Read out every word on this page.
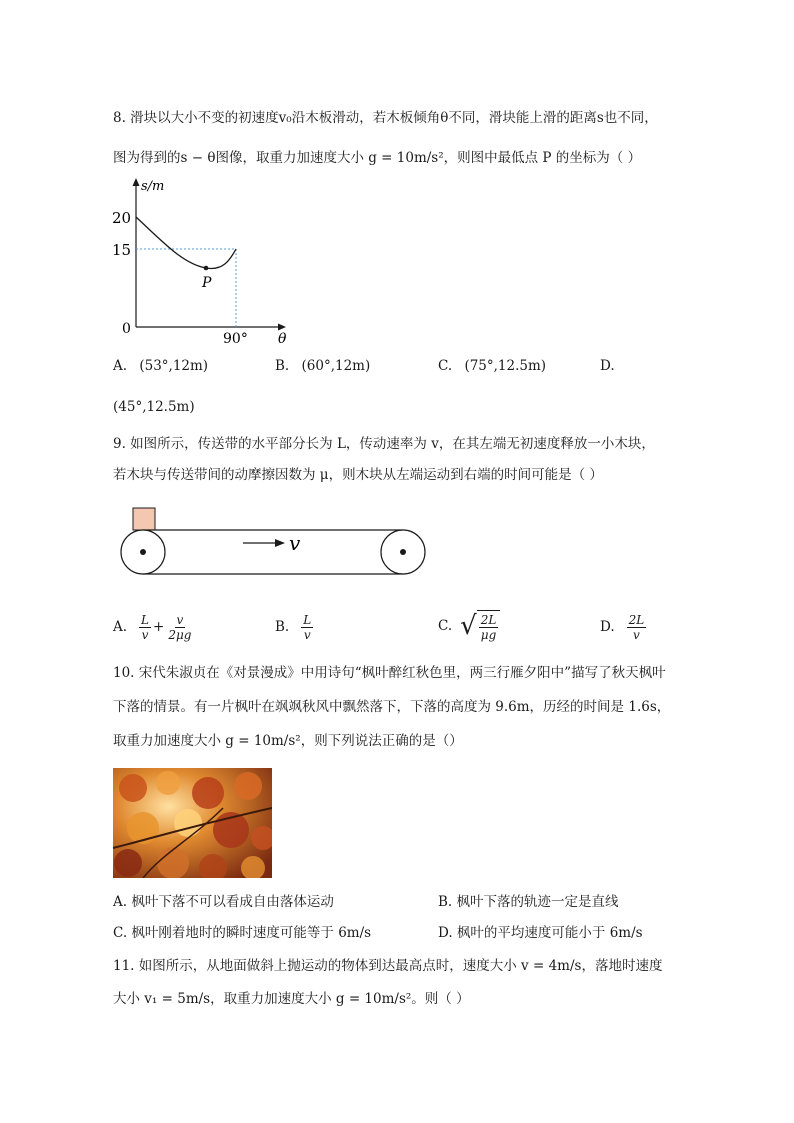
8. 滑块以大小不变的初速度v₀沿木板滑动，若木板倾角θ不同，滑块能上滑的距离s也不同，
图为得到的s − θ图像，取重力加速度大小 g = 10m/s²，则图中最低点 P 的坐标为（ ）
s/m
20
15
0
90° θ
P
A. (53°,12m)	B. (60°,12m)	C. (75°,12.5m)	D.
(45°,12.5m)
9. 如图所示，传送带的水平部分长为 L，传动速率为 v，在其左端无初速度释放一小木块，
若木块与传送带间的动摩擦因数为 μ，则木块从左端运动到右端的时间可能是（ ）
v
A. $\frac{L}{v} + \frac{v}{2\mu g}$	B. $\frac{L}{v}$	C. √ $\frac{2L}{\mu g}$	D. $\frac{2L}{v}$
10. 宋代朱淑贞在《对景漫成》中用诗句“枫叶醉红秋色里，两三行雁夕阳中”描写了秋天枫叶
下落的情景。有一片枫叶在飒飒秋风中飘然落下，下落的高度为 9.6m，历经的时间是 1.6s，
取重力加速度大小 g = 10m/s²，则下列说法正确的是（）
A. 枫叶下落不可以看成自由落体运动	B. 枫叶下落的轨迹一定是直线
C. 枫叶刚着地时的瞬时速度可能等于 6m/s	D. 枫叶的平均速度可能小于 6m/s
11. 如图所示，从地面做斜上抛运动的物体到达最高点时，速度大小 v = 4m/s，落地时速度
大小 v₁ = 5m/s，取重力加速度大小 g = 10m/s²。则（ ）
